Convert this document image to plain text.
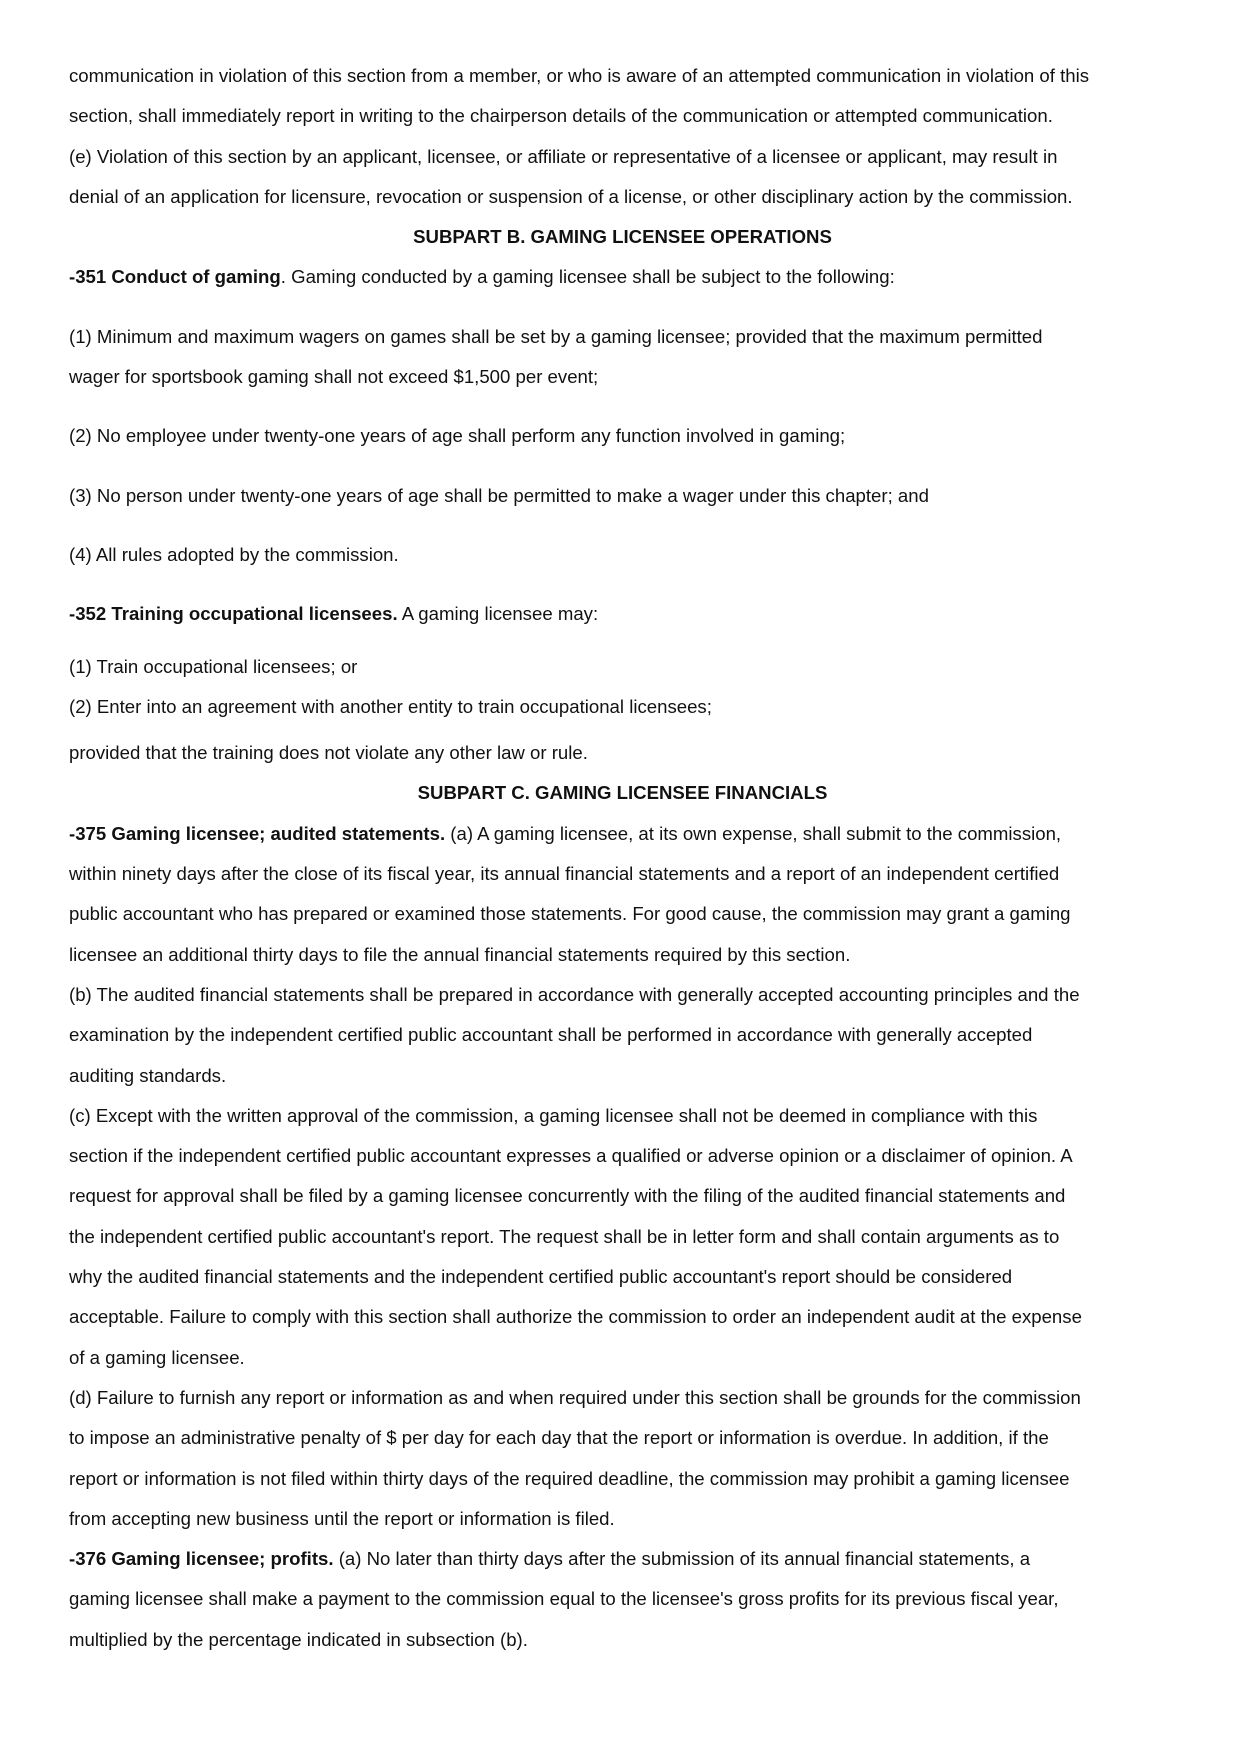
communication in violation of this section from a member, or who is aware of an attempted communication in violation of this

section, shall immediately report in writing to the chairperson details of the communication or attempted communication.

(e) Violation of this section by an applicant, licensee, or affiliate or representative of a licensee or applicant, may result in

denial of an application for licensure, revocation or suspension of a license, or other disciplinary action by the commission.

SUBPART B. GAMING LICENSEE OPERATIONS

-351 Conduct of gaming. Gaming conducted by a gaming licensee shall be subject to the following:

(1) Minimum and maximum wagers on games shall be set by a gaming licensee; provided that the maximum permitted

wager for sportsbook gaming shall not exceed $1,500 per event;

(2) No employee under twenty-one years of age shall perform any function involved in gaming;

(3) No person under twenty-one years of age shall be permitted to make a wager under this chapter; and

(4) All rules adopted by the commission.

-352 Training occupational licensees. A gaming licensee may:

(1) Train occupational licensees; or

(2) Enter into an agreement with another entity to train occupational licensees;

provided that the training does not violate any other law or rule.

SUBPART C. GAMING LICENSEE FINANCIALS

-375 Gaming licensee; audited statements. (a) A gaming licensee, at its own expense, shall submit to the commission,

within ninety days after the close of its fiscal year, its annual financial statements and a report of an independent certified

public accountant who has prepared or examined those statements. For good cause, the commission may grant a gaming

licensee an additional thirty days to file the annual financial statements required by this section.

(b) The audited financial statements shall be prepared in accordance with generally accepted accounting principles and the

examination by the independent certified public accountant shall be performed in accordance with generally accepted

auditing standards.

(c) Except with the written approval of the commission, a gaming licensee shall not be deemed in compliance with this

section if the independent certified public accountant expresses a qualified or adverse opinion or a disclaimer of opinion. A

request for approval shall be filed by a gaming licensee concurrently with the filing of the audited financial statements and

the independent certified public accountant's report. The request shall be in letter form and shall contain arguments as to

why the audited financial statements and the independent certified public accountant's report should be considered

acceptable. Failure to comply with this section shall authorize the commission to order an independent audit at the expense

of a gaming licensee.

(d) Failure to furnish any report or information as and when required under this section shall be grounds for the commission

to impose an administrative penalty of $ per day for each day that the report or information is overdue. In addition, if the

report or information is not filed within thirty days of the required deadline, the commission may prohibit a gaming licensee

from accepting new business until the report or information is filed.

-376 Gaming licensee; profits. (a) No later than thirty days after the submission of its annual financial statements, a

gaming licensee shall make a payment to the commission equal to the licensee's gross profits for its previous fiscal year,

multiplied by the percentage indicated in subsection (b).
